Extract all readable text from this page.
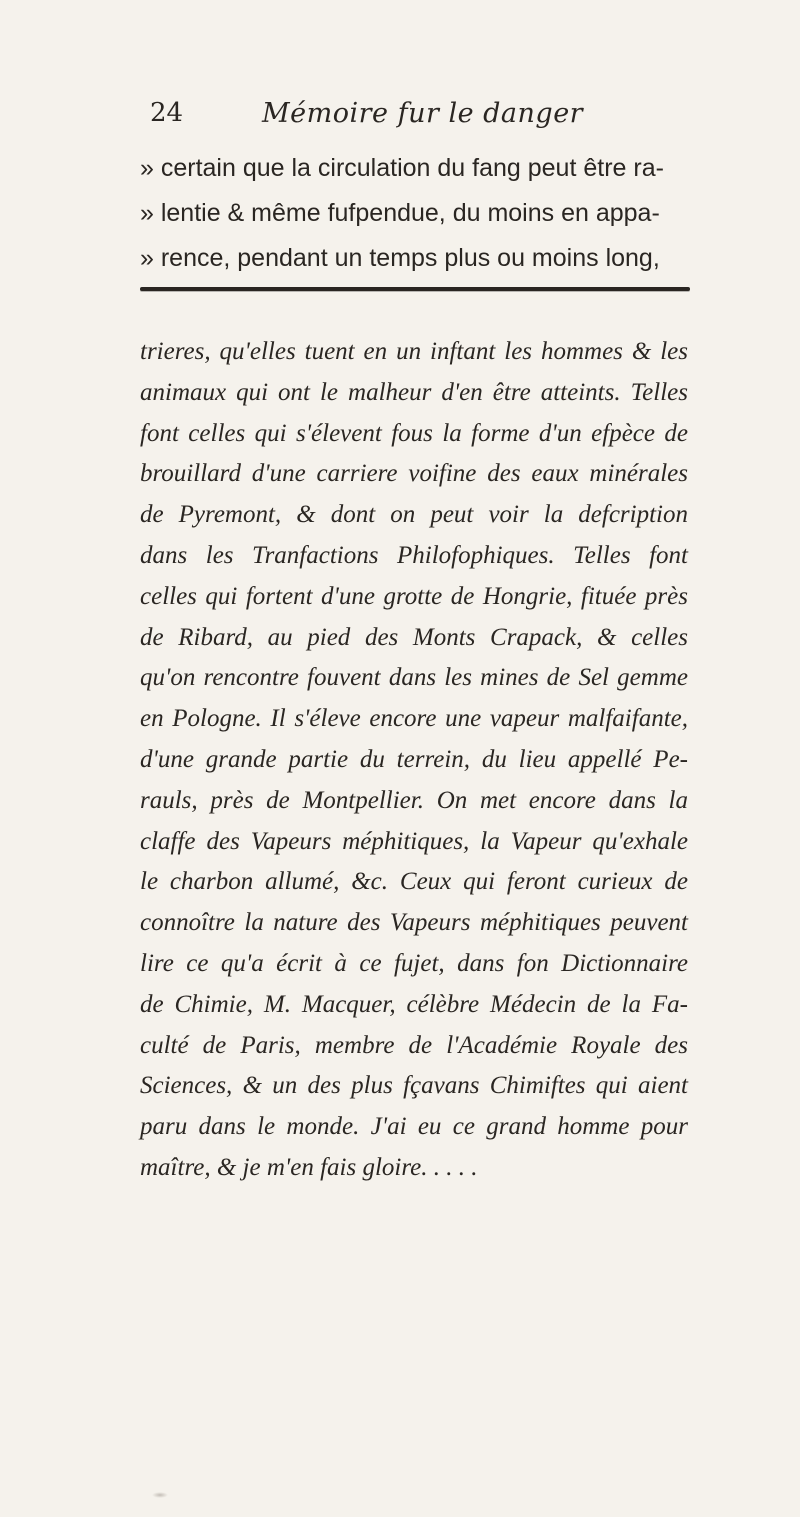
24	Mémoire fur le danger
» certain que la circulation du fang peut être ra-
» lentie & même fufpendue, du moins en appa-
» rence, pendant un temps plus ou moins long,
trieres, qu'elles tuent en un inftant les hommes & les
animaux qui ont le malheur d'en être atteints. Telles
font celles qui s'élevent fous la forme d'un efpèce de
brouillard d'une carriere voifine des eaux minérales
de Pyremont, & dont on peut voir la defcription
dans les Tranfactions Philofophiques. Telles font
celles qui fortent d'une grotte de Hongrie, fituée près
de Ribard, au pied des Monts Crapack, & celles
qu'on rencontre fouvent dans les mines de Sel gemme
en Pologne. Il s'éleve encore une vapeur malfaifante,
d'une grande partie du terrein, du lieu appellé Pe-
rauls, près de Montpellier. On met encore dans la
claffe des Vapeurs méphitiques, la Vapeur qu'exhale
le charbon allumé, &c. Ceux qui feront curieux de
connoître la nature des Vapeurs méphitiques peuvent
lire ce qu'a écrit à ce fujet, dans fon Dictionnaire
de Chimie, M. Macquer, célèbre Médecin de la Fa-
culté de Paris, membre de l'Académie Royale des
Sciences, & un des plus fçavans Chimiftes qui aient
paru dans le monde. J'ai eu ce grand homme pour
maître, & je m'en fais gloire. . . . .
